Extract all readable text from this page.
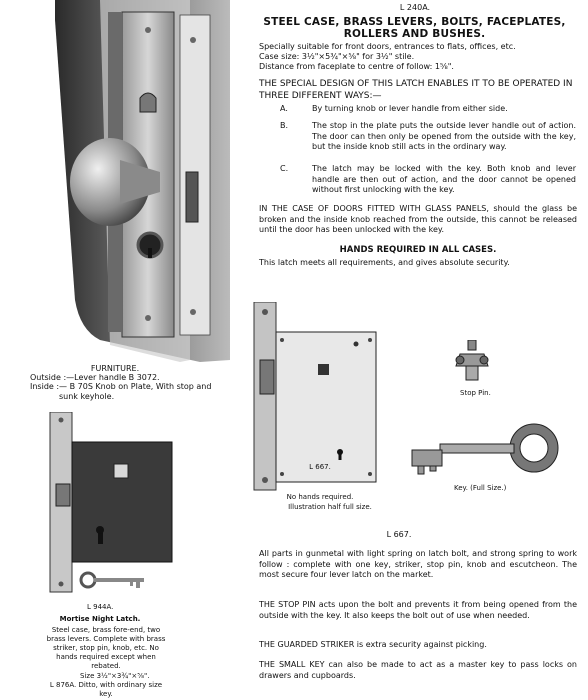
FURNITURE.
Outside :—Lever handle B 3072.
Inside :— B 70S Knob on Plate, With stop and
sunk keyhole.
L 944A.
Mortise Night Latch.
Steel case, brass fore-end, two brass levers. Complete with brass striker, stop pin, knob, etc. No hands required except when rebated.
Size 3½"×3¾"×⅝".
L 876A. Ditto, with ordinary size key.
L 240A.
STEEL CASE, BRASS LEVERS, BOLTS, FACEPLATES, ROLLERS AND BUSHES.
Specially suitable for front doors, entrances to flats, offices, etc.
Case size: 3½"×5¾"×⅝" for 3½" stile.
Distance from faceplate to centre of follow: 1⅝".
THE SPECIAL DESIGN OF THIS LATCH ENABLES IT TO BE OPERATED IN THREE DIFFERENT WAYS:—
A.	By turning knob or lever handle from either side.
B.	The stop in the plate puts the outside lever handle out of action. The door can then only be opened from the outside with the key, but the inside knob still acts in the ordinary way.
C.	The latch may be locked with the key. Both knob and lever handle are then out of action, and the door cannot be opened without first unlocking with the key.
IN THE CASE OF DOORS FITTED WITH GLASS PANELS, should the glass be broken and the inside knob reached from the outside, this cannot be released until the door has been unlocked with the key.
HANDS REQUIRED IN ALL CASES.
This latch meets all requirements, and gives absolute security.
L 667.
No hands required.
Illustration half full size.
Stop Pin.
Key. (Full Size.)
L 667.
All parts in gunmetal with light spring on latch bolt, and strong spring to work follow : complete with one key, striker, stop pin, knob and escutcheon. The most secure four lever latch on the market.
THE STOP PIN acts upon the bolt and prevents it from being opened from the outside with the key. It also keeps the bolt out of use when needed.
THE GUARDED STRIKER is extra security against picking.
THE SMALL KEY can also be made to act as a master key to pass locks on drawers and cupboards.
